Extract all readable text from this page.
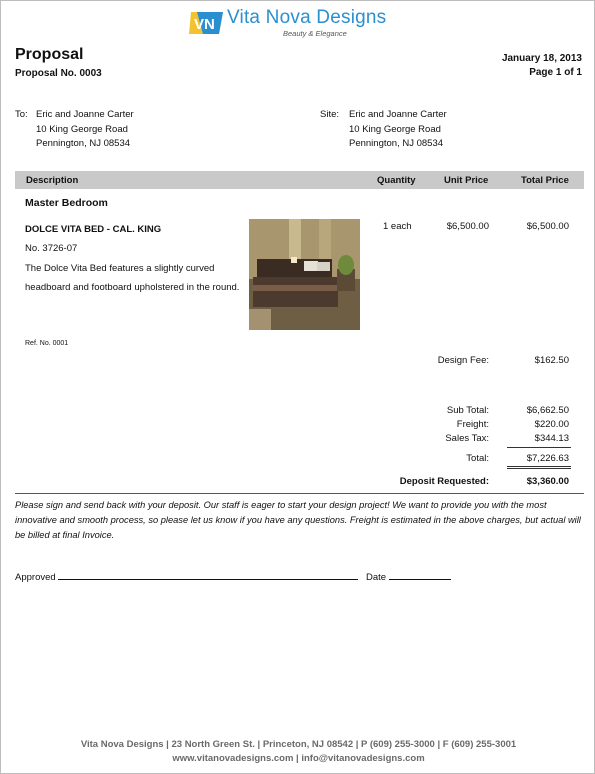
VN Vita Nova Designs
Beauty & Elegance
Proposal
Proposal No. 0003
January 18, 2013
Page 1 of 1
To: Eric and Joanne Carter
10 King George Road
Pennington, NJ 08534
Site: Eric and Joanne Carter
10 King George Road
Pennington, NJ 08534
Description	Quantity	Unit Price	Total Price
Master Bedroom
DOLCE VITA BED - CAL. KING
No. 3726-07
The Dolce Vita Bed features a slightly curved headboard and footboard upholstered in the round.
Ref. No. 0001
1 each	$6,500.00	$6,500.00
Design Fee:	$162.50
Sub Total:	$6,662.50
Freight:	$220.00
Sales Tax:	$344.13
Total:	$7,226.63
Deposit Requested:	$3,360.00
Please sign and send back with your deposit. Our staff is eager to start your design project! We want to provide you with the most innovative and smooth process, so please let us know if you have any questions. Freight is estimated in the above charges, but actual will be billed at final Invoice.
Approved	Date
Vita Nova Designs | 23 North Green St. | Princeton, NJ 08542 | P (609) 255-3000 | F (609) 255-3001
www.vitanovadesigns.com | info@vitanovadesigns.com
